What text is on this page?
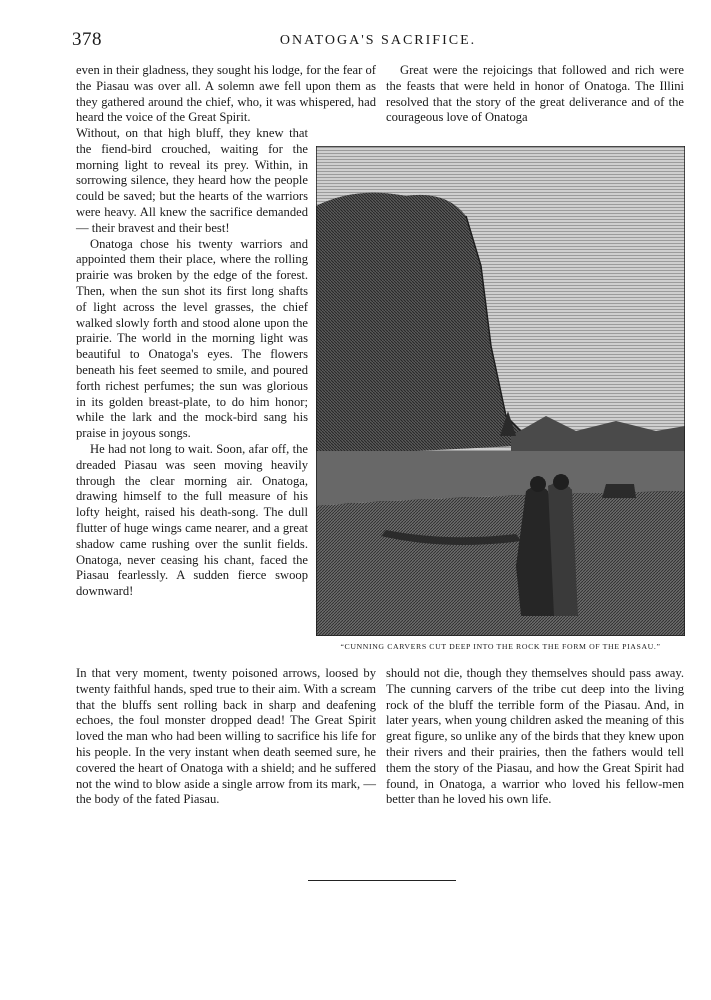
378	ONATOGA'S SACRIFICE.

even in their gladness, they sought his lodge, for the fear of the Piasau was over all. A solemn awe fell upon them as they gathered around the chief, who, it was whispered, had heard the voice of the Great Spirit.

Without, on that high bluff, they knew that the fiend-bird crouched, waiting for the morning light to reveal its prey. Within, in sorrowing silence, they heard how the people could be saved; but the hearts of the warriors were heavy. All knew the sacrifice demanded — their bravest and their best!

Onatoga chose his twenty warriors and appointed them their place, where the rolling prairie was broken by the edge of the forest. Then, when the sun shot its first long shafts of light across the level grasses, the chief walked slowly forth and stood alone upon the prairie. The world in the morning light was beautiful to Onatoga's eyes. The flowers beneath his feet seemed to smile, and poured forth richest perfumes; the sun was glorious in its golden breast-plate, to do him honor; while the lark and the mock-bird sang his praise in joyous songs.

He had not long to wait. Soon, afar off, the dreaded Piasau was seen moving heavily through the clear morning air. Onatoga, drawing himself to the full measure of his lofty height, raised his death-song. The dull flutter of huge wings came nearer, and a great shadow came rushing over the sunlit fields. Onatoga, never ceasing his chant, faced the Piasau fearlessly. A sudden fierce swoop downward!

In that very moment, twenty poisoned arrows, loosed by twenty faithful hands, sped true to their aim. With a scream that the bluffs sent rolling back in sharp and deafening echoes, the foul monster dropped dead! The Great Spirit loved the man who had been willing to sacrifice his life for his people. In the very instant when death seemed sure, he covered the heart of Onatoga with a shield; and he suffered not the wind to blow aside a single arrow from its mark, — the body of the fated Piasau.

Great were the rejoicings that followed and rich were the feasts that were held in honor of Onatoga. The Illini resolved that the story of the great deliverance and of the courageous love of Onatoga

“CUNNING CARVERS CUT DEEP INTO THE ROCK THE FORM OF THE PIASAU.”

should not die, though they themselves should pass away. The cunning carvers of the tribe cut deep into the living rock of the bluff the terrible form of the Piasau. And, in later years, when young children asked the meaning of this great figure, so unlike any of the birds that they knew upon their rivers and their prairies, then the fathers would tell them the story of the Piasau, and how the Great Spirit had found, in Onatoga, a warrior who loved his fellow-men better than he loved his own life.
